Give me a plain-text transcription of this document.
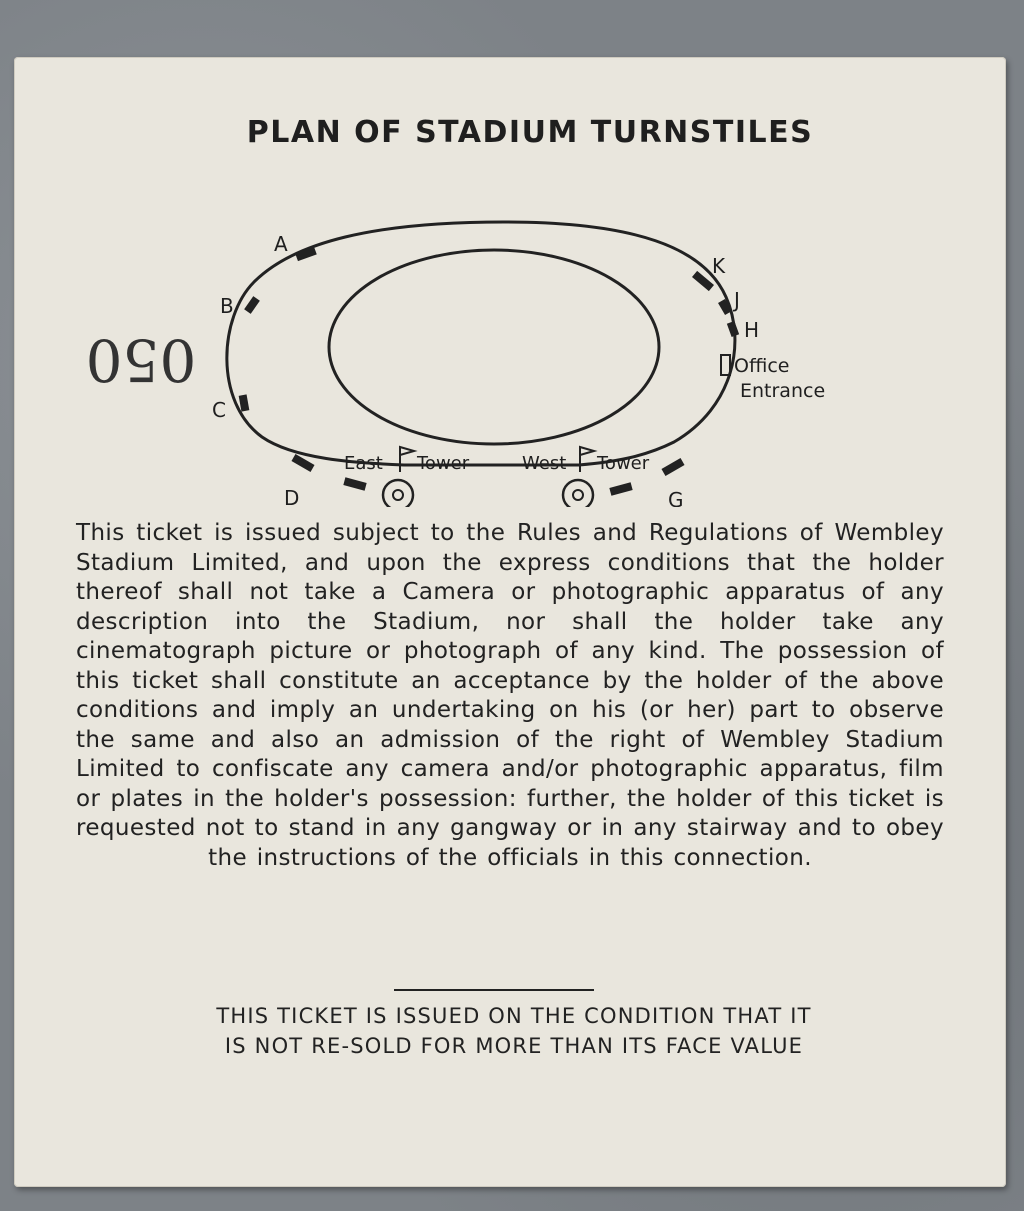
PLAN OF STADIUM TURNSTILES
050
A
B
C
D	G
H
J
K
Office
Entrance
East Tower	West Tower
This ticket is issued subject to the Rules and Regulations of Wembley Stadium Limited, and upon the express conditions that the holder thereof shall not take a Camera or photographic apparatus of any description into the Stadium, nor shall the holder take any cinematograph picture or photograph of any kind. The possession of this ticket shall constitute an acceptance by the holder of the above conditions and imply an undertaking on his (or her) part to observe the same and also an admission of the right of Wembley Stadium Limited to confiscate any camera and/or photographic apparatus, film or plates in the holder's possession: further, the holder of this ticket is requested not to stand in any gangway or in any stairway and to obey the instructions of the officials in this connection.
THIS TICKET IS ISSUED ON THE CONDITION THAT IT
IS NOT RE-SOLD FOR MORE THAN ITS FACE VALUE
